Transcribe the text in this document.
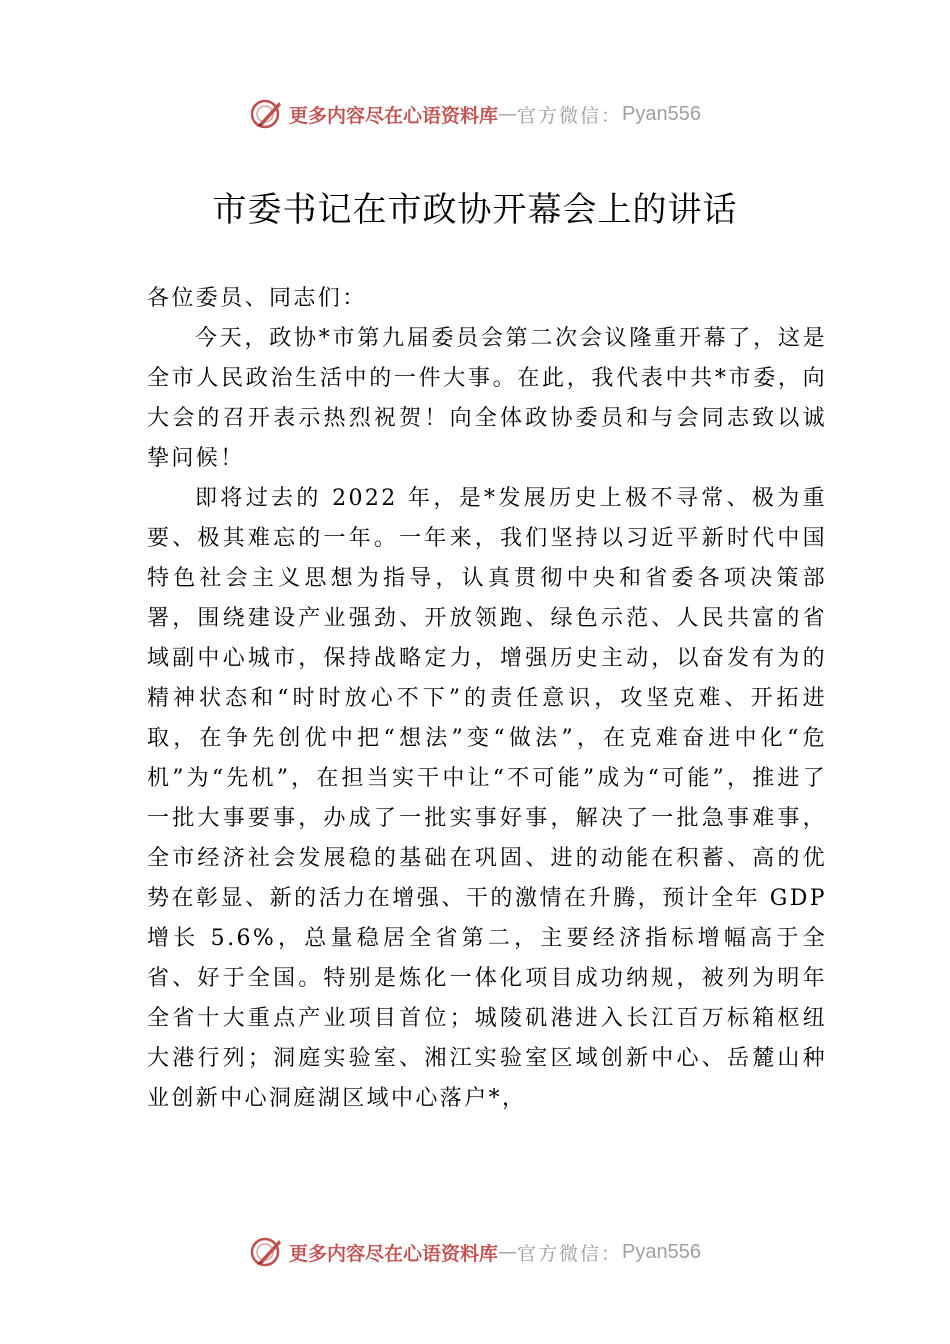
更多内容尽在心语资料库 — 官方微信： Pyan556
市委书记在市政协开幕会上的讲话

各位委员、同志们：

今天，政协*市第九届委员会第二次会议隆重开幕了，这是全市人民政治生活中的一件大事。在此，我代表中共*市委，向大会的召开表示热烈祝贺！向全体政协委员和与会同志致以诚挚问候！

即将过去的 2022 年，是*发展历史上极不寻常、极为重要、极其难忘的一年。一年来，我们坚持以习近平新时代中国特色社会主义思想为指导，认真贯彻中央和省委各项决策部署，围绕建设产业强劲、开放领跑、绿色示范、人民共富的省域副中心城市，保持战略定力，增强历史主动，以奋发有为的精神状态和“时时放心不下”的责任意识，攻坚克难、开拓进取，在争先创优中把“想法”变“做法”，在克难奋进中化“危机”为“先机”，在担当实干中让“不可能”成为“可能”，推进了一批大事要事，办成了一批实事好事，解决了一批急事难事，全市经济社会发展稳的基础在巩固、进的动能在积蓄、高的优势在彰显、新的活力在增强、干的激情在升腾，预计全年 GDP 增长 5.6%，总量稳居全省第二，主要经济指标增幅高于全省、好于全国。特别是炼化一体化项目成功纳规，被列为明年全省十大重点产业项目首位；城陵矶港进入长江百万标箱枢纽大港行列；洞庭实验室、湘江实验室区域创新中心、岳麓山种业创新中心洞庭湖区域中心落户*，

更多内容尽在心语资料库 — 官方微信： Pyan556
